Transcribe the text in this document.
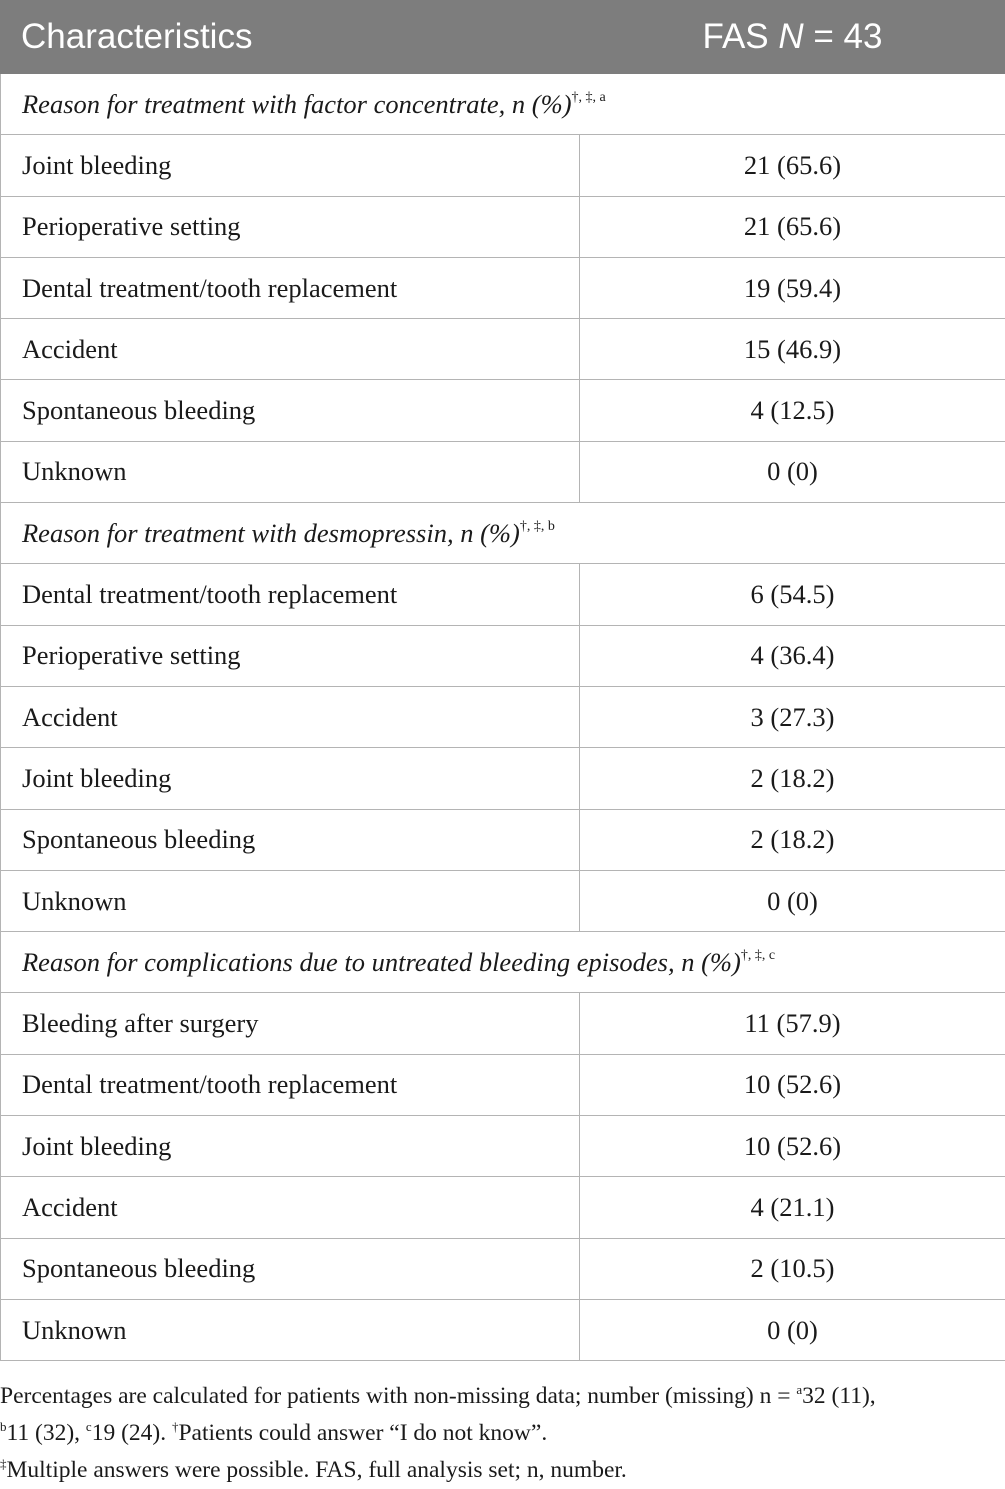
Characteristics	FAS N = 43
Reason for treatment with factor concentrate, n (%)$^{\dagger, \ddagger, a}$
Joint bleeding	21 (65.6)
Perioperative setting	21 (65.6)
Dental treatment/tooth replacement	19 (59.4)
Accident	15 (46.9)
Spontaneous bleeding	4 (12.5)
Unknown	0 (0)
Reason for treatment with desmopressin, n (%)$^{\dagger, \ddagger, b}$
Dental treatment/tooth replacement	6 (54.5)
Perioperative setting	4 (36.4)
Accident	3 (27.3)
Joint bleeding	2 (18.2)
Spontaneous bleeding	2 (18.2)
Unknown	0 (0)
Reason for complications due to untreated bleeding episodes, n (%)$^{\dagger, \ddagger, c}$
Bleeding after surgery	11 (57.9)
Dental treatment/tooth replacement	10 (52.6)
Joint bleeding	10 (52.6)
Accident	4 (21.1)
Spontaneous bleeding	2 (10.5)
Unknown	0 (0)
Percentages are calculated for patients with non-missing data; number (missing) n = $^a$32 (11),
$^b$11 (32), $^c$19 (24). †Patients could answer “I do not know”.
‡Multiple answers were possible. FAS, full analysis set; n, number.
